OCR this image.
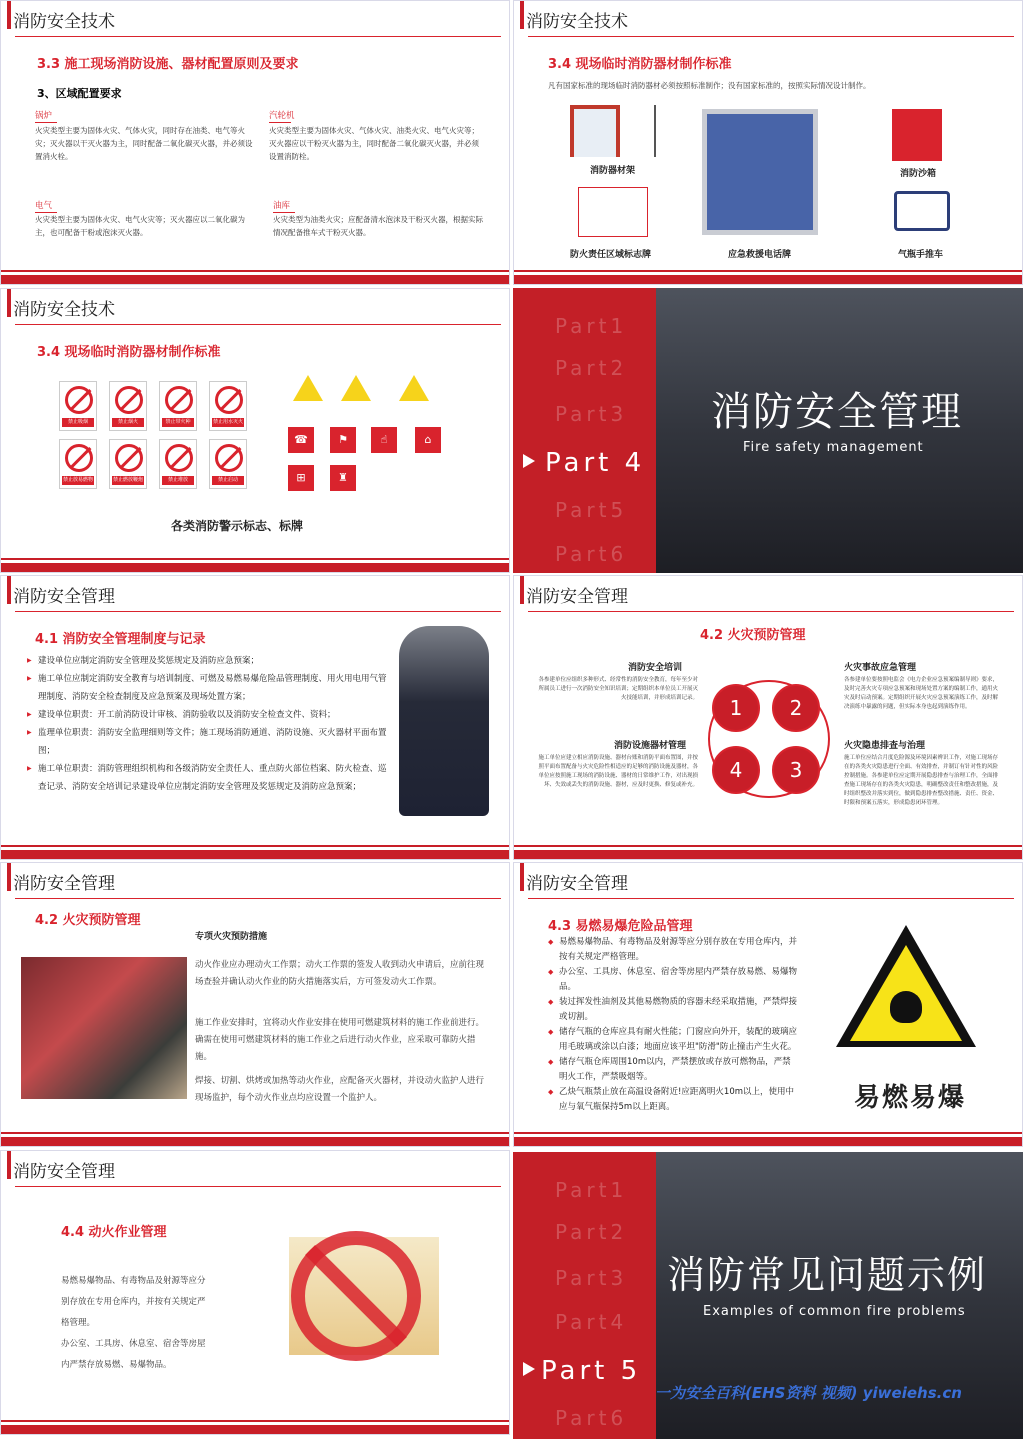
消防安全技术
3.3 施工现场消防设施、器材配置原则及要求
3、区域配置要求
锅炉
火灾类型主要为固体火灾、气体火灾，同时存在油类、电气等火灾；灭火器以干灭火器为主，同时配备二氧化碳灭火器，并必须设置消火栓。
汽轮机
火灾类型主要为固体火灾、气体火灾、油类火灾、电气火灾等；灭火器应以干粉灭火器为主，同时配备二氧化碳灭火器，并必须设置消防栓。
电气
火灾类型主要为固体火灾、电气火灾等；灭火器应以二氧化碳为主，也可配备干粉或泡沫灭火器。
油库
火灾类型为油类火灾；应配备清水泡沫及干粉灭火器，根据实际情况配备推车式干粉灭火器。
消防安全技术
3.4 现场临时消防器材制作标准
凡有国家标准的现场临时消防器材必须按照标准制作；没有国家标准的，按照实际情况设计制作。
消防器材架
应急救援电话牌
消防沙箱
防火责任区域标志牌	气瓶手推车
消防安全技术
3.4 现场临时消防器材制作标准
禁止吸烟	禁止烟火	禁止带火种	禁止用水灭火
禁止放易燃物	禁止燃放鞭炮	禁止堆放	禁止启动
☎	⚑	☝	⌂
⊞	♜
各类消防警示标志、标牌
Part1
Part2
Part3
Part 4
Part5
Part6
消防安全管理
Fire safety management
消防安全管理
4.1 消防安全管理制度与记录
▶ 建设单位应制定消防安全管理及奖惩规定及消防应急预案；
▶ 施工单位应制定消防安全教育与培训制度、可燃及易燃易爆危险品管理制度、用火用电用气管理制度、消防安全检查制度及应急预案及现场处置方案；
▶ 建设单位职责：开工前消防设计审核、消防验收以及消防安全检查文件、资料；
▶ 监理单位职责：消防安全监理细则等文件；施工现场消防通道、消防设施、灭火器材平面布置图；
▶ 施工单位职责：消防管理组织机构和各级消防安全责任人、重点防火部位档案、防火检查、巡查记录、消防安全培训记录建设单位应制定消防安全管理及奖惩规定及消防应急预案；
消防安全管理
4.2 火灾预防管理
消防安全培训
各参建单位应组织多种形式、经常性的消防安全教育，每年至少对所属员工进行一次消防安全知识培训；定期组织本单位员工开展灭火技能培训，并形成培训记录。
火灾事故应急管理
各参建单位要按照电监会《电力企业应急预案编制导则》要求，及时完善火灾专项应急预案和现场处置方案的编制工作，通用火灾及时启动预案。定期组织开展火灾应急预案演练工作，及时解决演练中暴露的问题，但实际本身也起到演练作用。
消防设施器材管理
施工单位应建立相应消防设施、器材台账和消防平面布置图，并按照平面布置配备与火灾危险性相适应的足够的消防设施及器材，各单位应按照施工现场的消防设施、器材的日常维护工作，对出现损坏、失效或丢失的消防设施、器材，应及时更换、修复或补充。
火灾隐患排查与治理
施工单位应结合月度危险源及环境因素辨识工作，对施工现场存在的各类火灾隐患进行全面、有效排查，并制订有针对性的风险控制措施。各参建单位应定期开展隐患排查与治理工作，全面排查施工现场存在的各类火灾隐患，明确整改责任和整改措施，及时组织整改并落实到位，做到隐患排查整改措施、责任、资金、时限和预案五落实，形成隐患闭环管理。
1	2
4	3
消防安全管理
4.2 火灾预防管理
专项火灾预防措施
动火作业应办理动火工作票；动火工作票的签发人收到动火申请后，应前往现场查验并确认动火作业的防火措施落实后，方可签发动火工作票。
施工作业安排时，宜将动火作业安排在使用可燃建筑材料的施工作业前进行。确需在使用可燃建筑材料的施工作业之后进行动火作业，应采取可靠防火措施。
焊接、切割、烘烤或加热等动火作业，应配备灭火器材，并设动火监护人进行现场监护，每个动火作业点均应设置一个监护人。
消防安全管理
4.3 易燃易爆危险品管理
◆ 易燃易爆物品、有毒物品及射源等应分别存放在专用仓库内，并按有关规定严格管理。
◆ 办公室、工具房、休息室、宿舍等房屋内严禁存放易燃、易爆物品。
◆ 装过挥发性油剂及其他易燃物质的容器未经采取措施，严禁焊接或切割。
◆ 储存气瓶的仓库应具有耐火性能；门窗应向外开，装配的玻璃应用毛玻璃或涂以白漆；地面应该平坦"防滑"防止撞击产生火花。
◆ 储存气瓶仓库周围10m以内，严禁摆放或存放可燃物品，严禁明火工作，严禁吸烟等。
◆ 乙炔气瓶禁止放在高温设备附近!应距离明火10m以上，使用中应与氧气瓶保持5m以上距离。	易燃易爆
消防安全管理
4.4 动火作业管理
易燃易爆物品、有毒物品及射源等应分别存放在专用仓库内，并按有关规定严格管理。
办公室、工具房、休息室、宿舍等房屋内严禁存放易燃、易爆物品。
Part1
Part2
Part3
Part4
Part 5
Part6
消防常见问题示例
Examples of common fire problems
一为安全百科(EHS资料 视频) yiweiehs.cn
